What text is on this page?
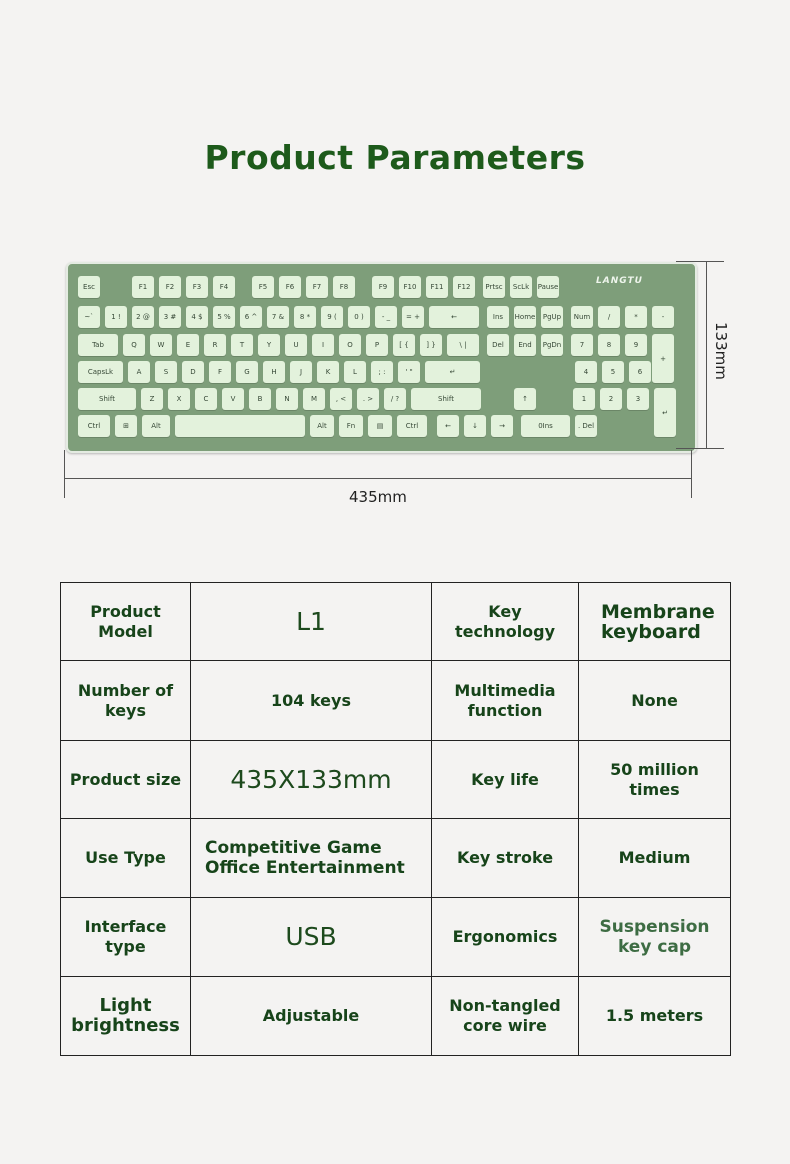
Product Parameters
Esc	F1	F2	F3	F4	F5	F6	F7	F8	F9	F10	F11	F12	Prtsc	ScLk	Pause
~`	1 !	2 @	3 #	4 $	5 %	6 ^	7 &	8 *	9 (	0 )	- _	= +	←	Ins	Home PgUp	Num	/	*	-
Tab	Q	W	E	R	T	Y	U	I	O	P	[ {	] }	\ |	Del	End	PgDn	7	8	9
+
CapsLk	A	S	D	F	G	H	J	K	L	; :	' "	↵	4	5	6
Shift	Z	X	C	V	B	N	M	, <	. >	/ ?	Shift	↑	1	2	3
↵
Ctrl	⊞	Alt	Alt	Fn	▤	Ctrl	←	↓	→	0Ins	. Del
LANGTU
133mm
435mm
Product Model	L1	Key technology	Membrane keyboard
Number of keys	104 keys	Multimedia function	None
Product size	435X133mm	Key life	50 million times
Use Type	Competitive Game Office Entertainment	Key stroke	Medium
Interface type	USB	Ergonomics	Suspension key cap
Light brightness	Adjustable	Non-tangled core wire	1.5 meters
